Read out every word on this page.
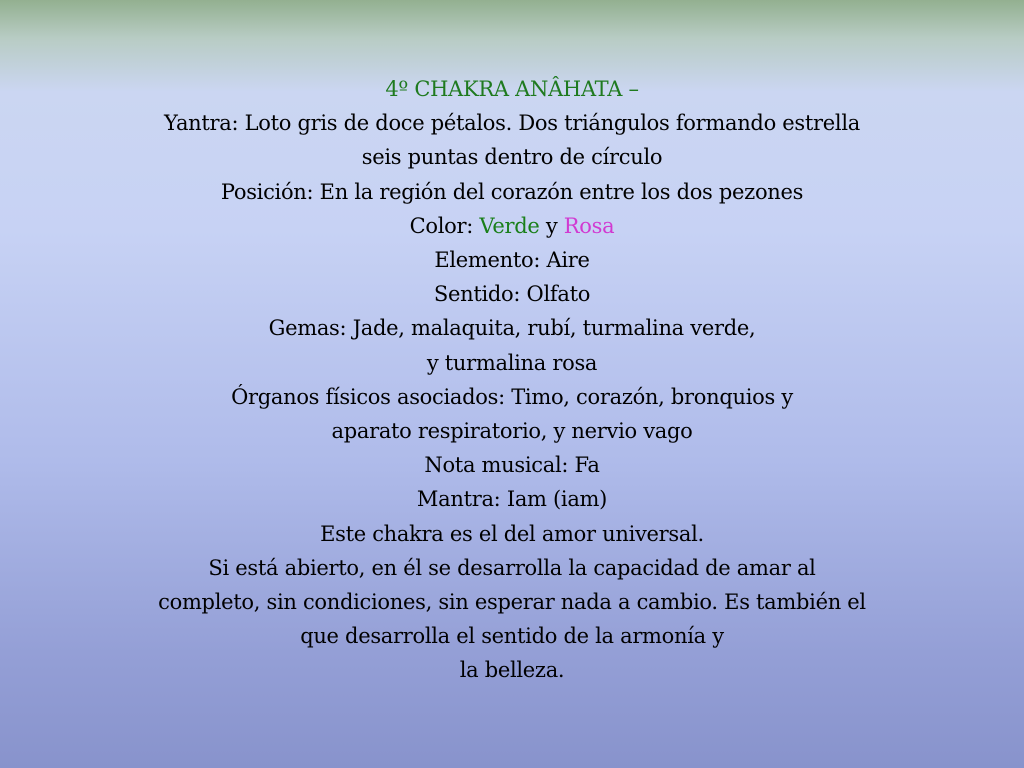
4º CHAKRA ANÂHATA –
Yantra: Loto gris de doce pétalos. Dos triángulos formando estrella
seis puntas dentro de círculo
Posición: En la región del corazón entre los dos pezones
Color: Verde y Rosa
Elemento: Aire
Sentido: Olfato
Gemas: Jade, malaquita, rubí, turmalina verde,
y turmalina rosa
Órganos físicos asociados: Timo, corazón, bronquios y
aparato respiratorio, y nervio vago
Nota musical: Fa
Mantra: Iam (iam)
Este chakra es el del amor universal.
Si está abierto, en él se desarrolla la capacidad de amar al
completo, sin condiciones, sin esperar nada a cambio. Es también el
que desarrolla el sentido de la armonía y
la belleza.
